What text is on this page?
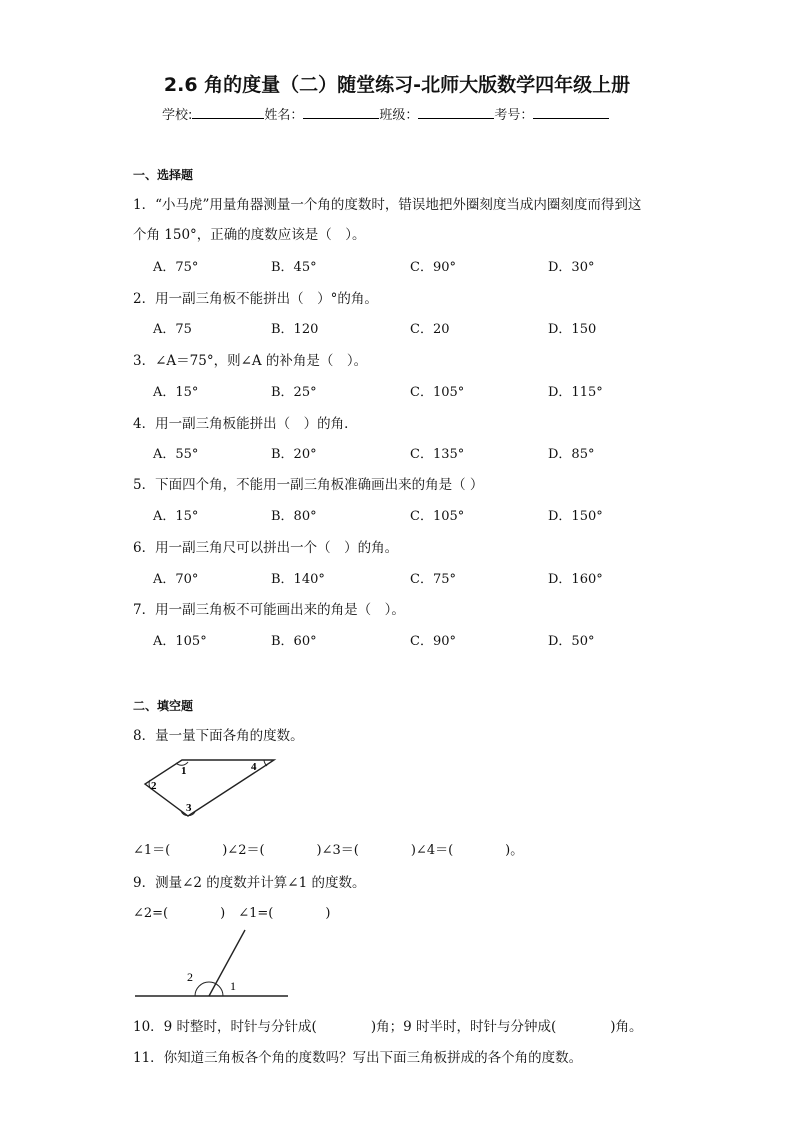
2.6 角的度量（二）随堂练习-北师大版数学四年级上册
学校:	姓名：	班级：	考号：
一、选择题
1．“小马虎”用量角器测量一个角的度数时，错误地把外圈刻度当成内圈刻度而得到这
个角 150°，正确的度数应该是（　）。
A．75°	B．45°	C．90°	D．30°
2．用一副三角板不能拼出（　）°的角。
A．75	B．120	C．20	D．150
3．∠A＝75°，则∠A 的补角是（　）。
A．15°	B．25°	C．105°	D．115°
4．用一副三角板能拼出（　）的角．
A．55°	B．20°	C．135°	D．85°
5．下面四个角，不能用一副三角板准确画出来的角是（ ）
A．15°	B．80°	C．105°	D．150°
6．用一副三角尺可以拼出一个（　）的角。
A．70°	B．140°	C．75°	D．160°
7．用一副三角板不可能画出来的角是（　）。
A．105°	B．60°	C．90°	D．50°
二、填空题
8．量一量下面各角的度数。
1
2
3
4
∠1＝(　　　　)∠2＝(　　　　)∠3＝(　　　　)∠4＝(　　　　)。
9．测量∠2 的度数并计算∠1 的度数。
∠2=(　　　　)　∠1=(　　　　)
2
1
10．9 时整时，时针与分针成(　　　　)角；9 时半时，时针与分钟成(　　　　)角。
11．你知道三角板各个角的度数吗？写出下面三角板拼成的各个角的度数。
